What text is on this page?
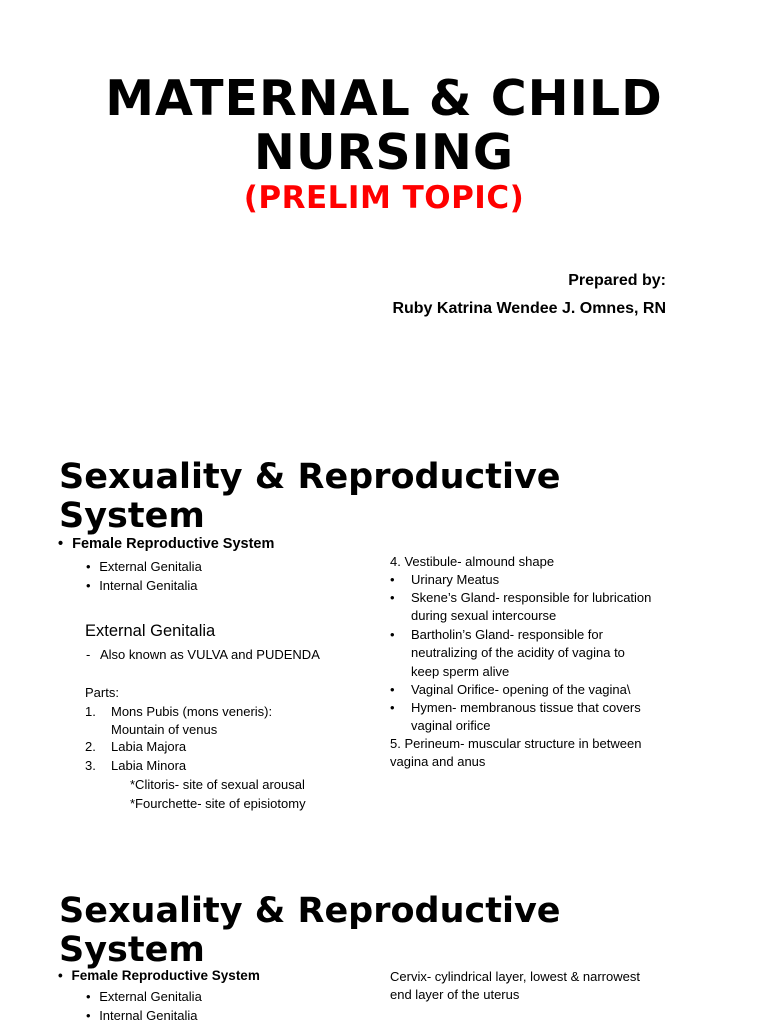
MATERNAL & CHILD
NURSING
(PRELIM TOPIC)
Prepared by:
Ruby Katrina Wendee J. Omnes, RN
Sexuality & Reproductive
System
• Female Reproductive System
• External Genitalia
• Internal Genitalia
External Genitalia
- Also known as VULVA and PUDENDA
Parts:
1. Mons Pubis (mons veneris):
Mountain of venus
2. Labia Majora
3. Labia Minora
*Clitoris- site of sexual arousal
*Fourchette- site of episiotomy
4. Vestibule- almound shape
• Urinary Meatus
• Skene’s Gland- responsible for lubrication
during sexual intercourse
• Bartholin’s Gland- responsible for
neutralizing of the acidity of vagina to
keep sperm alive
• Vaginal Orifice- opening of the vagina\
• Hymen- membranous tissue that covers
vaginal orifice
5. Perineum- muscular structure in between
vagina and anus
Sexuality & Reproductive
System
• Female Reproductive System
• External Genitalia
• Internal Genitalia
Cervix- cylindrical layer, lowest & narrowest
end layer of the uterus
